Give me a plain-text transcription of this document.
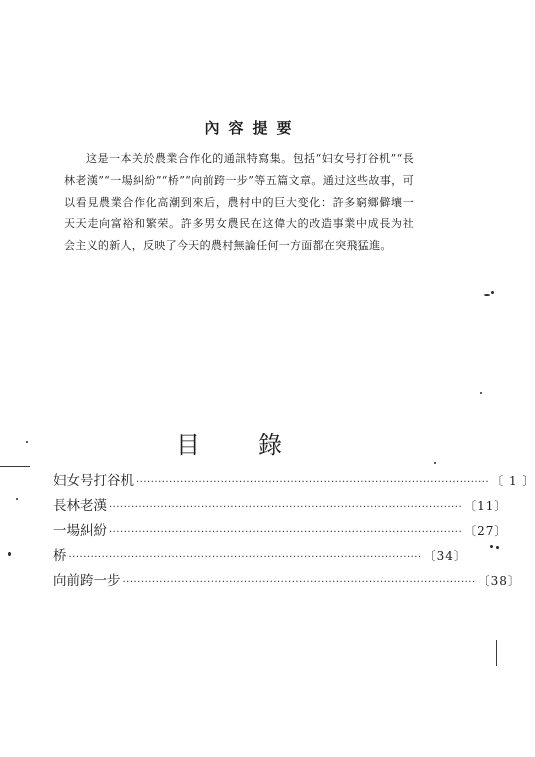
內容提要
这是一本关於農業合作化的通訊特寫集。包括“妇女号打谷机”“長林老漢”“一場糾紛”“桥”“向前跨一步”等五篇文章。通过这些故事，可以看見農業合作化高潮到來后，農村中的巨大变化：許多窮鄉僻壤一天天走向富裕和繁荣。許多男女農民在这偉大的改造事業中成長为社会主义的新人，反映了今天的農村無論任何一方面都在突飛猛進。
目 錄
妇女号打谷机 ································································································ 〔 1 〕
長林老漢 ································································································ 〔11〕
一場糾紛 ································································································ 〔27〕
桥 ································································································ 〔34〕
向前跨一步 ································································································ 〔38〕
